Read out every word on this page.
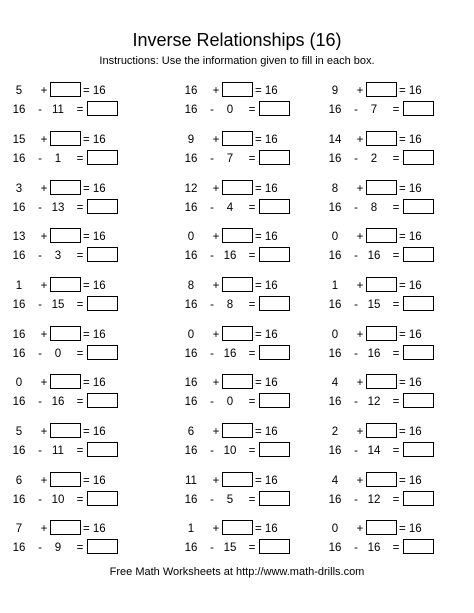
Inverse Relationships (16)
Instructions: Use the information given to fill in each box.
5	+	= 16
16	- 11	=
16	+	= 16
16	-	0	=
9	+	= 16
16	-	7	=
15	+	= 16
16	-	1	=
9	+	= 16
16	-	7	=
14	+	= 16
16	-	2	=
3	+	= 16
16	- 13	=
12	+	= 16
16	-	4	=
8	+	= 16
16	-	8	=
13	+	= 16
16	-	3	=
0	+	= 16
16	- 16	=
0	+	= 16
16	- 16	=
1	+	= 16
16	- 15	=
8	+	= 16
16	-	8	=
1	+	= 16
16	- 15	=
16	+	= 16
16	-	0	=
0	+	= 16
16	- 16	=
0	+	= 16
16	- 16	=
0	+	= 16
16	- 16	=
16	+	= 16
16	-	0	=
4	+	= 16
16	- 12	=
5	+	= 16
16	- 11	=
6	+	= 16
16	- 10	=
2	+	= 16
16	- 14	=
6	+	= 16
16	- 10	=
11	+	= 16
16	-	5	=
4	+	= 16
16	- 12	=
7	+	= 16
16	-	9	=
1	+	= 16
16	- 15	=
0	+	= 16
16	- 16	=
Free Math Worksheets at http://www.math-drills.com
